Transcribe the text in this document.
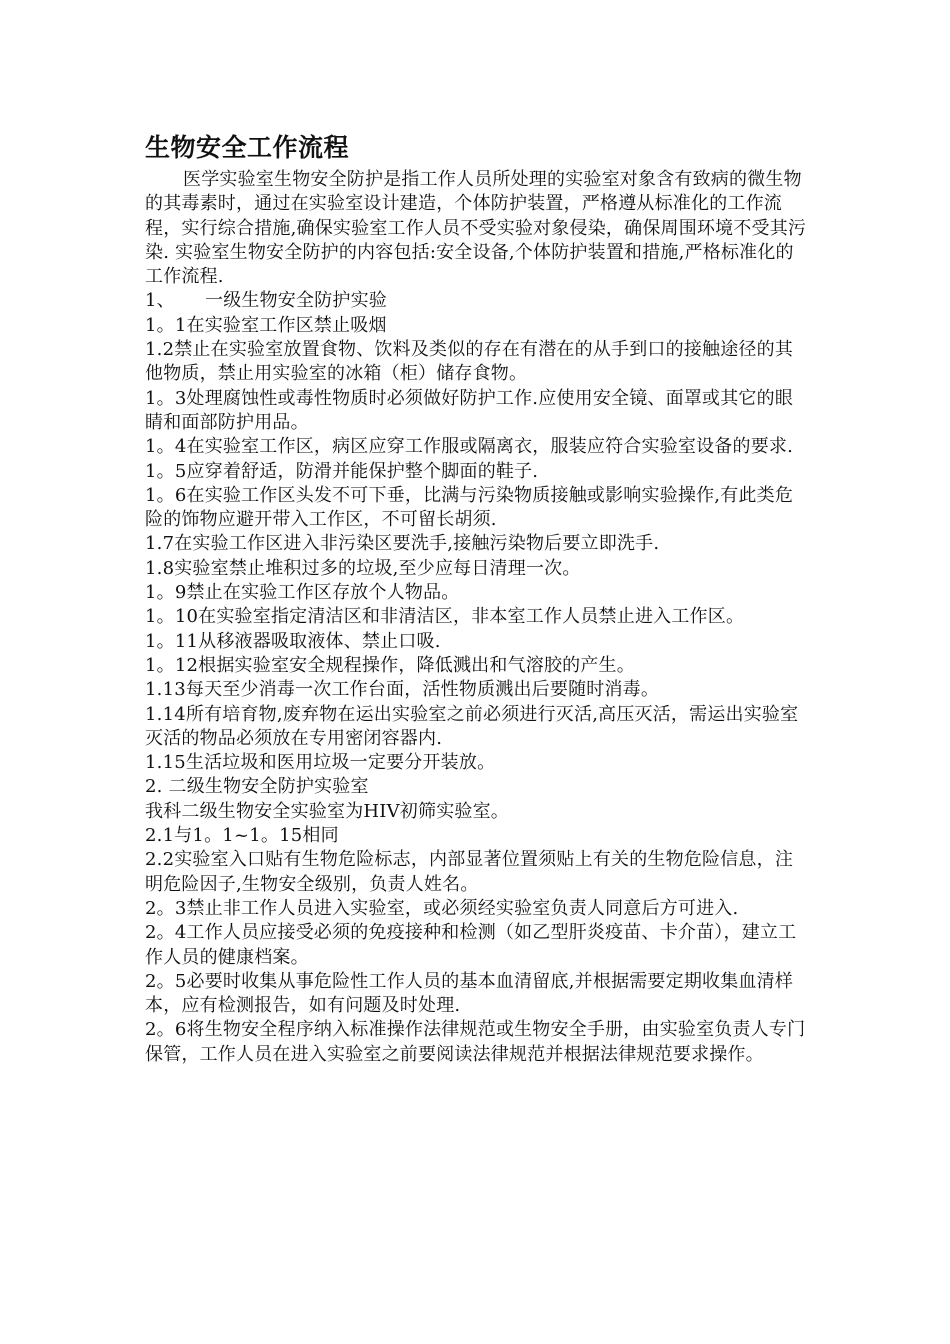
生物安全工作流程

医学实验室生物安全防护是指工作人员所处理的实验室对象含有致病的微生物的其毒素时，通过在实验室设计建造，个体防护装置，严格遵从标准化的工作流程，实行综合措施,确保实验室工作人员不受实验对象侵染，确保周围环境不受其污染. 实验室生物安全防护的内容包括:安全设备,个体防护装置和措施,严格标准化的工作流程.

1、 一级生物安全防护实验

1。1在实验室工作区禁止吸烟

1.2禁止在实验室放置食物、饮料及类似的存在有潜在的从手到口的接触途径的其他物质，禁止用实验室的冰箱（柜）储存食物。

1。3处理腐蚀性或毒性物质时必须做好防护工作.应使用安全镜、面罩或其它的眼睛和面部防护用品。

1。4在实验室工作区，病区应穿工作服或隔离衣，服装应符合实验室设备的要求.

1。5应穿着舒适，防滑并能保护整个脚面的鞋子.

1。6在实验工作区头发不可下垂，比满与污染物质接触或影响实验操作,有此类危险的饰物应避开带入工作区，不可留长胡须.

1.7在实验工作区进入非污染区要洗手,接触污染物后要立即洗手.

1.8实验室禁止堆积过多的垃圾,至少应每日清理一次。

1。9禁止在实验工作区存放个人物品。

1。10在实验室指定清洁区和非清洁区，非本室工作人员禁止进入工作区。

1。11从移液器吸取液体、禁止口吸.

1。12根据实验室安全规程操作，降低溅出和气溶胶的产生。

1.13每天至少消毒一次工作台面，活性物质溅出后要随时消毒。

1.14所有培育物,废弃物在运出实验室之前必须进行灭活,高压灭活，需运出实验室灭活的物品必须放在专用密闭容器内.

1.15生活垃圾和医用垃圾一定要分开装放。

2. 二级生物安全防护实验室

我科二级生物安全实验室为HIV初筛实验室。

2.1与1。1~1。15相同

2.2实验室入口贴有生物危险标志，内部显著位置须贴上有关的生物危险信息，注明危险因子,生物安全级别，负责人姓名。

2。3禁止非工作人员进入实验室，或必须经实验室负责人同意后方可进入.

2。4工作人员应接受必须的免疫接种和检测（如乙型肝炎疫苗、卡介苗），建立工作人员的健康档案。

2。5必要时收集从事危险性工作人员的基本血清留底,并根据需要定期收集血清样本，应有检测报告，如有问题及时处理.

2。6将生物安全程序纳入标准操作法律规范或生物安全手册，由实验室负责人专门保管，工作人员在进入实验室之前要阅读法律规范并根据法律规范要求操作。
